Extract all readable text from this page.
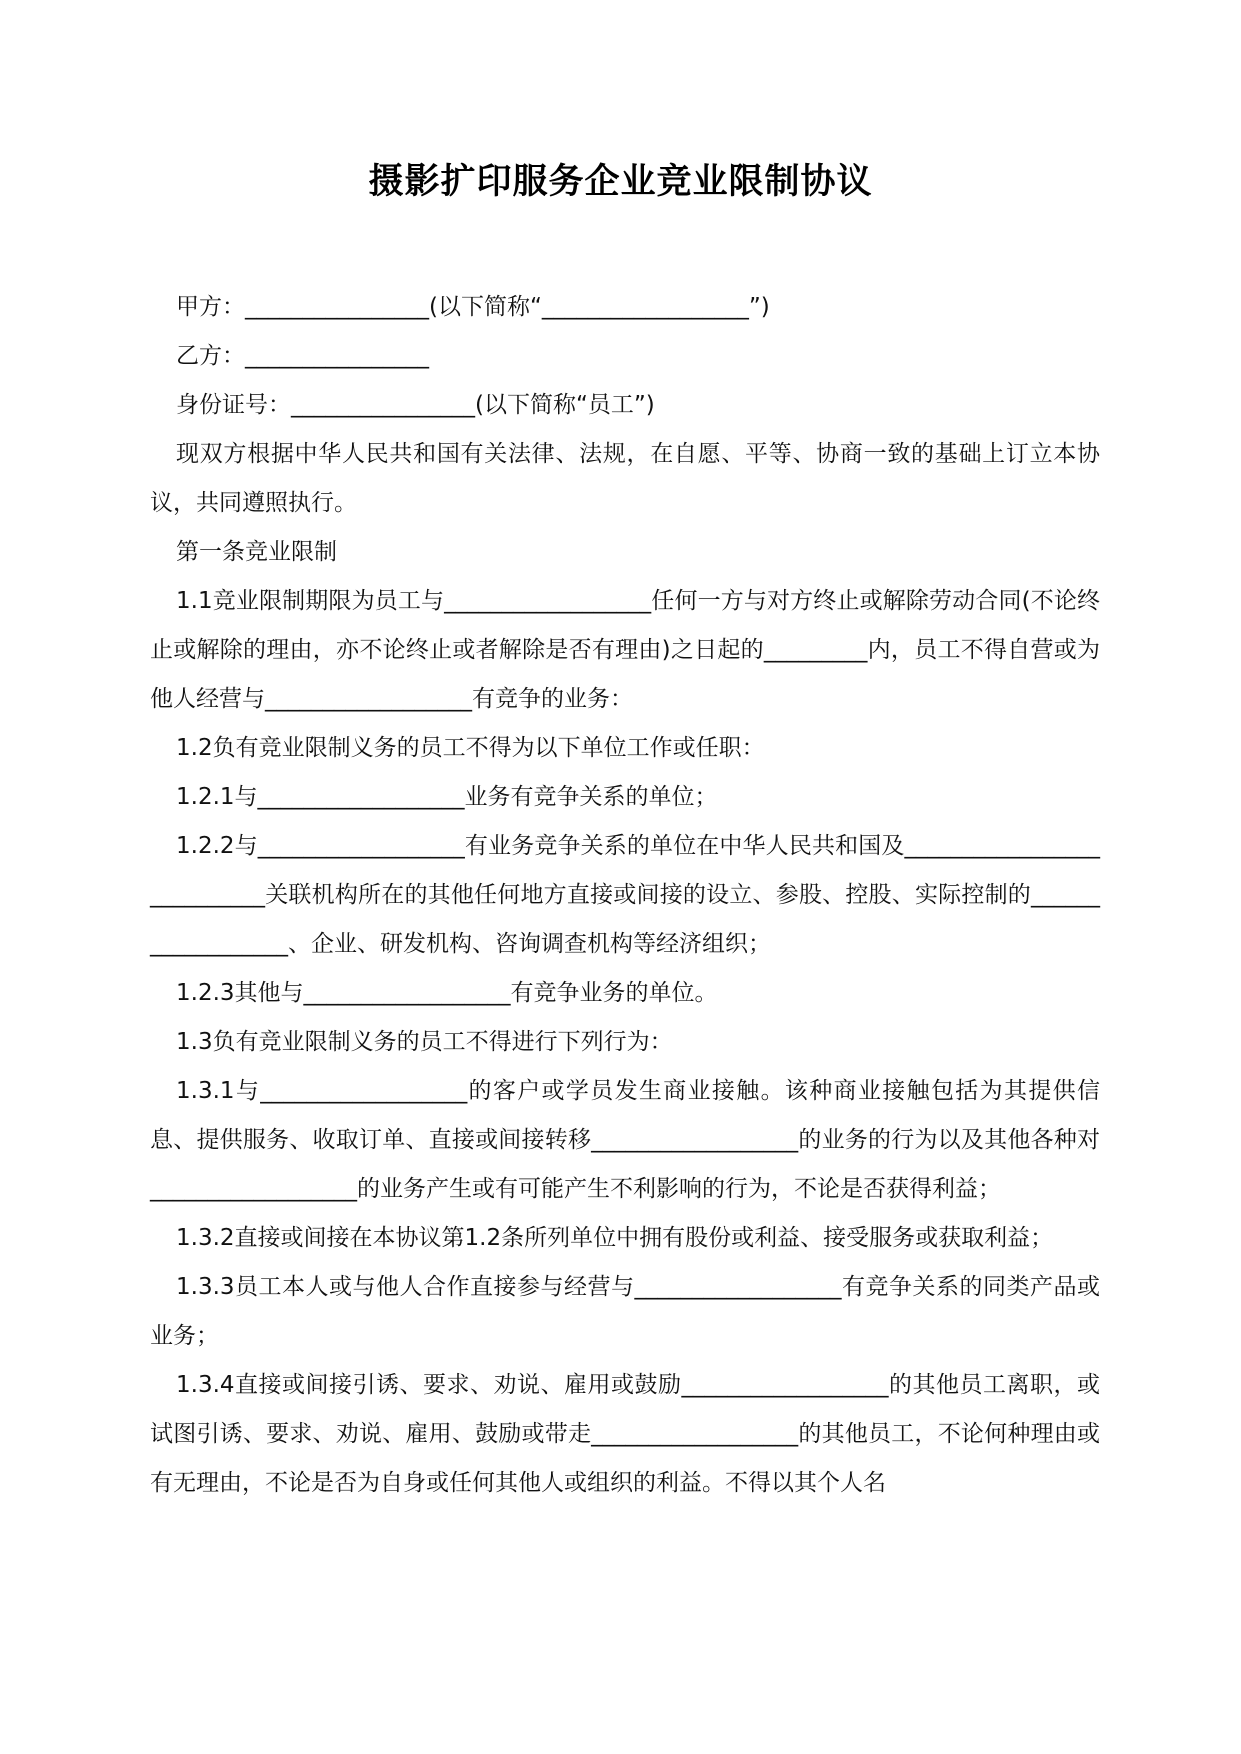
摄影扩印服务企业竞业限制协议

甲方：________________(以下简称“__________________”)

乙方：________________

身份证号：________________(以下简称“员工”)

现双方根据中华人民共和国有关法律、法规，在自愿、平等、协商一致的基础上订立本协议，共同遵照执行。

第一条竞业限制

1.1竞业限制期限为员工与__________________任何一方与对方终止或解除劳动合同(不论终止或解除的理由，亦不论终止或者解除是否有理由)之日起的_________内，员工不得自营或为他人经营与__________________有竞争的业务：

1.2负有竞业限制义务的员工不得为以下单位工作或任职：

1.2.1与__________________业务有竞争关系的单位；

1.2.2与__________________有业务竞争关系的单位在中华人民共和国及___________________________关联机构所在的其他任何地方直接或间接的设立、参股、控股、实际控制的__________________、企业、研发机构、咨询调查机构等经济组织；

1.2.3其他与__________________有竞争业务的单位。

1.3负有竞业限制义务的员工不得进行下列行为：

1.3.1与__________________的客户或学员发生商业接触。该种商业接触包括为其提供信息、提供服务、收取订单、直接或间接转移__________________的业务的行为以及其他各种对__________________的业务产生或有可能产生不利影响的行为，不论是否获得利益；

1.3.2直接或间接在本协议第1.2条所列单位中拥有股份或利益、接受服务或获取利益；

1.3.3员工本人或与他人合作直接参与经营与__________________有竞争关系的同类产品或业务；

1.3.4直接或间接引诱、要求、劝说、雇用或鼓励__________________的其他员工离职，或试图引诱、要求、劝说、雇用、鼓励或带走__________________的其他员工，不论何种理由或有无理由，不论是否为自身或任何其他人或组织的利益。不得以其个人名
